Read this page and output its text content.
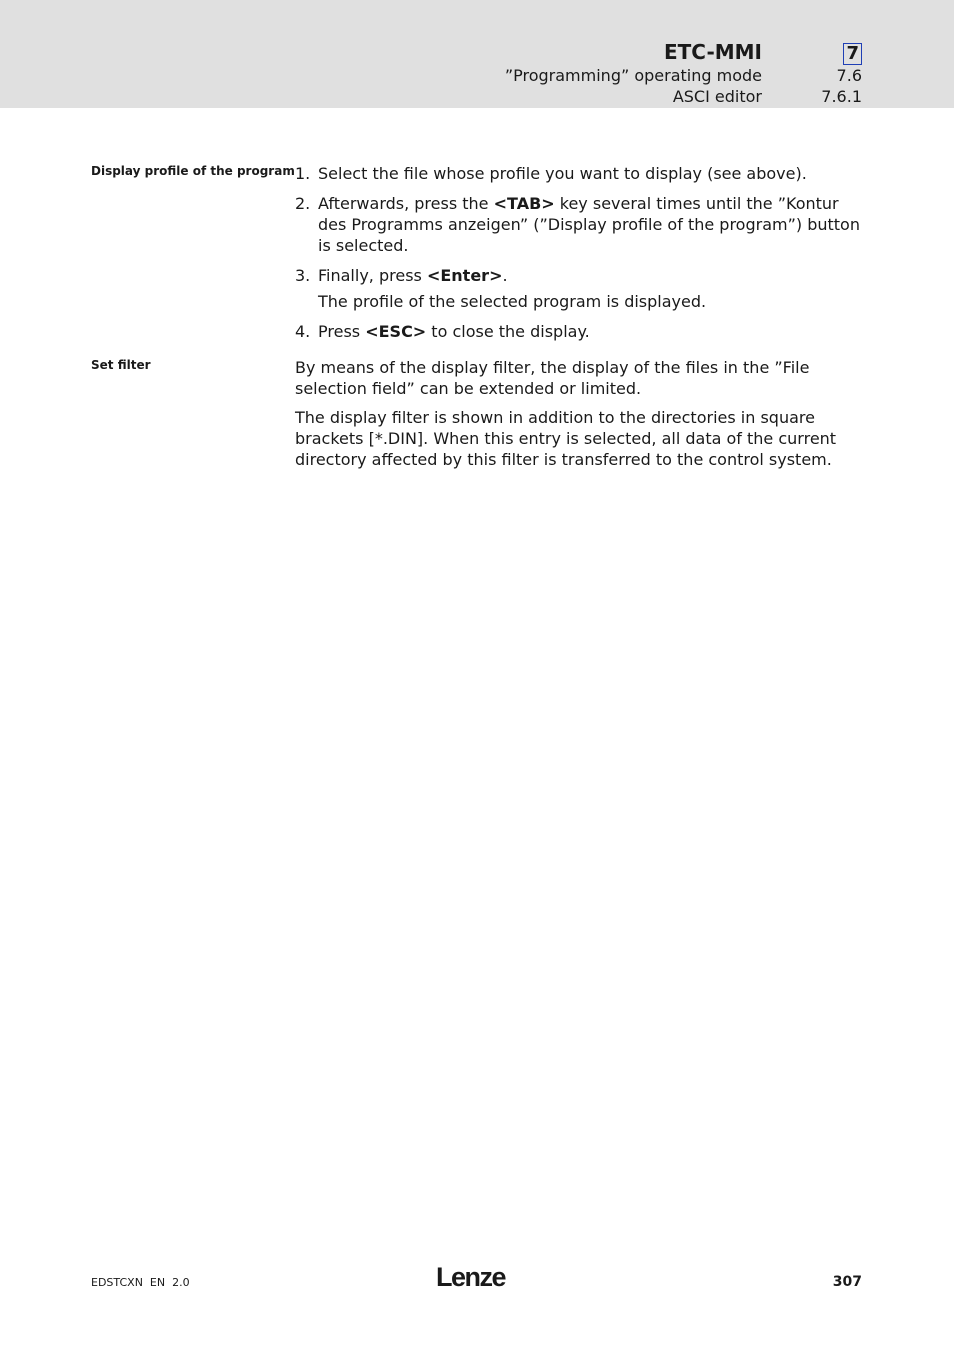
ETC-MMI	7
”Programming” operating mode	7.6
ASCI editor	7.6.1
Display profile of the program 1. Select the file whose profile you want to display (see above).
2. Afterwards, press the <TAB> key several times until the ”Kontur des Programms anzeigen” (”Display profile of the program”) button is selected.
3. Finally, press <Enter>.
The profile of the selected program is displayed.
4. Press <ESC> to close the display.
Set filter	By means of the display filter, the display of the files in the ”File selection field” can be extended or limited.

The display filter is shown in addition to the directories in square brackets [*.DIN]. When this entry is selected, all data of the current directory affected by this filter is transferred to the control system.

EDSTCXN  EN  2.0	Lenze	307
